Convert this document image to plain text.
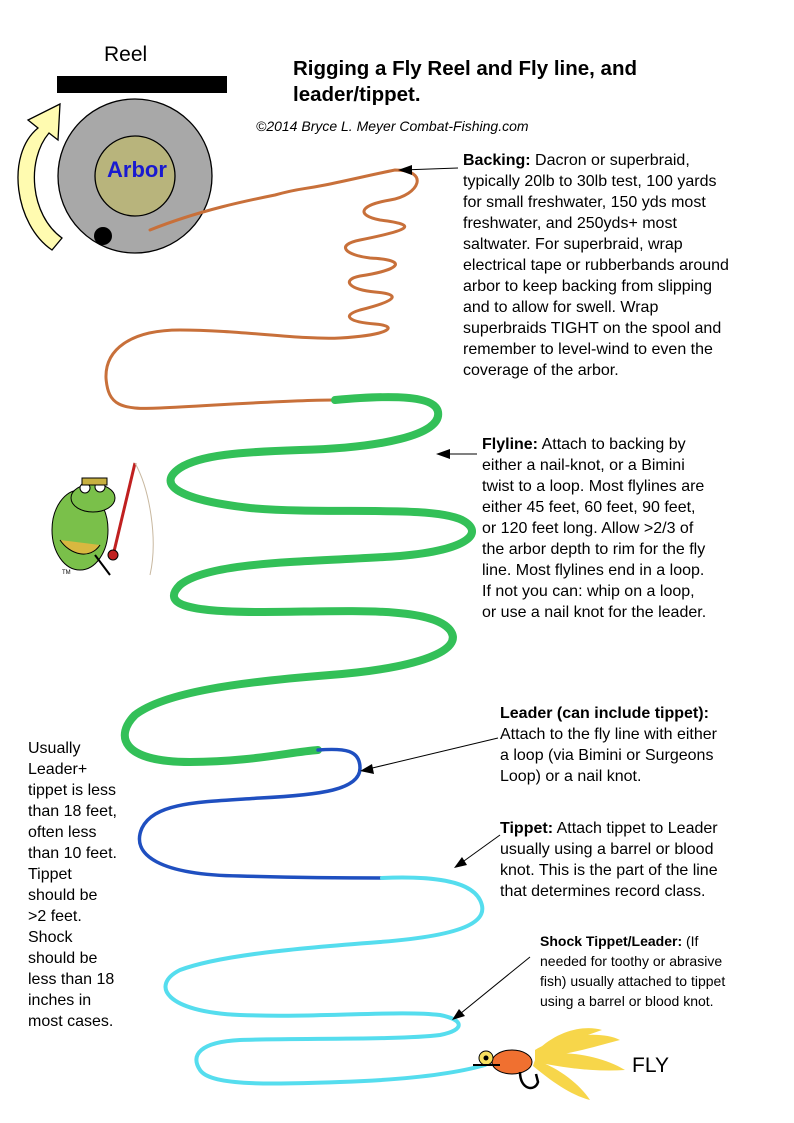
Arbor
TM
Reel
Rigging a Fly Reel and Fly line, and leader/tippet.
©2014 Bryce L. Meyer Combat-Fishing.com
Backing: Dacron or superbraid, typically 20lb to 30lb test, 100 yards for small freshwater, 150 yds most freshwater, and 250yds+ most saltwater. For superbraid, wrap electrical tape or rubberbands around arbor to keep backing from slipping and to allow for swell. Wrap superbraids TIGHT on the spool and remember to level-wind to even the coverage of the arbor.
Flyline: Attach to backing by either a nail-knot, or a Bimini twist to a loop. Most flylines are either 45 feet, 60 feet, 90 feet, or 120 feet long. Allow >2/3 of the arbor depth to rim for the fly line. Most flylines end in a loop. If not you can: whip on a loop, or use a nail knot for the leader.
Leader (can include tippet): Attach to the fly line with either a loop (via Bimini or Surgeons Loop) or a nail knot.
Tippet: Attach tippet to Leader usually using a barrel or blood knot. This is the part of the line that determines record class.
Shock Tippet/Leader: (If needed for toothy or abrasive fish) usually attached to tippet using a barrel or blood knot.
Usually Leader+ tippet is less than 18 feet, often less than 10 feet. Tippet should be >2 feet. Shock should be less than 18 inches in most cases.
FLY
